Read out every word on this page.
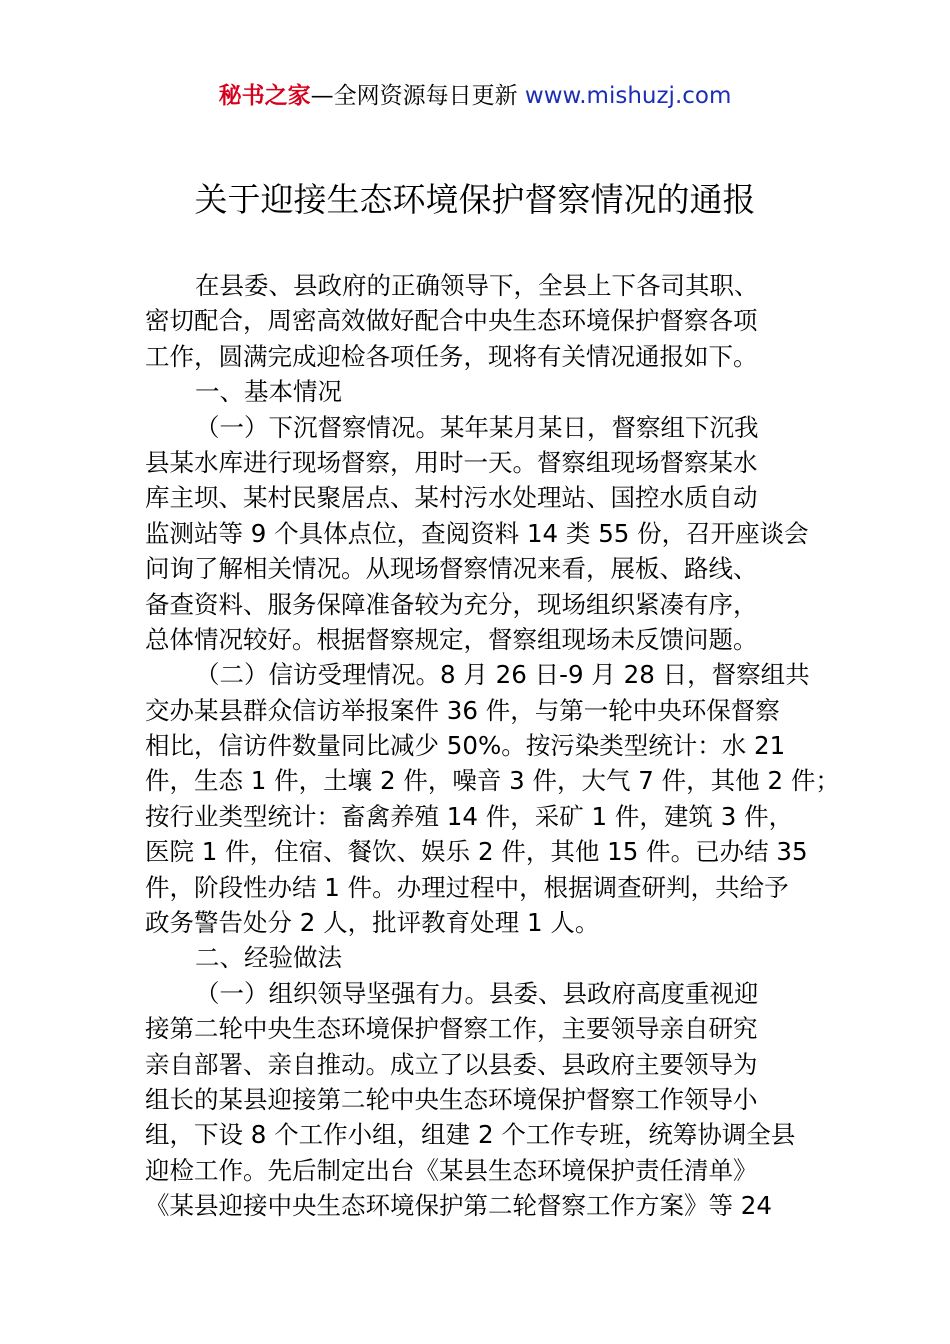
秘书之家—全网资源每日更新 www.mishuzj.com
关于迎接生态环境保护督察情况的通报
在县委、县政府的正确领导下，全县上下各司其职、
密切配合，周密高效做好配合中央生态环境保护督察各项
工作，圆满完成迎检各项任务，现将有关情况通报如下。
一、基本情况
（一）下沉督察情况。某年某月某日，督察组下沉我
县某水库进行现场督察，用时一天。督察组现场督察某水
库主坝、某村民聚居点、某村污水处理站、国控水质自动
监测站等 9 个具体点位，查阅资料 14 类 55 份，召开座谈会
问询了解相关情况。从现场督察情况来看，展板、路线、
备查资料、服务保障准备较为充分，现场组织紧凑有序，
总体情况较好。根据督察规定，督察组现场未反馈问题。
（二）信访受理情况。8 月 26 日-9 月 28 日，督察组共
交办某县群众信访举报案件 36 件，与第一轮中央环保督察
相比，信访件数量同比减少 50%。按污染类型统计：水 21
件，生态 1 件，土壤 2 件，噪音 3 件，大气 7 件，其他 2 件；
按行业类型统计：畜禽养殖 14 件，采矿 1 件，建筑 3 件，
医院 1 件，住宿、餐饮、娱乐 2 件，其他 15 件。已办结 35
件，阶段性办结 1 件。办理过程中，根据调查研判，共给予
政务警告处分 2 人，批评教育处理 1 人。
二、经验做法
（一）组织领导坚强有力。县委、县政府高度重视迎
接第二轮中央生态环境保护督察工作，主要领导亲自研究
亲自部署、亲自推动。成立了以县委、县政府主要领导为
组长的某县迎接第二轮中央生态环境保护督察工作领导小
组，下设 8 个工作小组，组建 2 个工作专班，统筹协调全县
迎检工作。先后制定出台《某县生态环境保护责任清单》
《某县迎接中央生态环境保护第二轮督察工作方案》等 24
